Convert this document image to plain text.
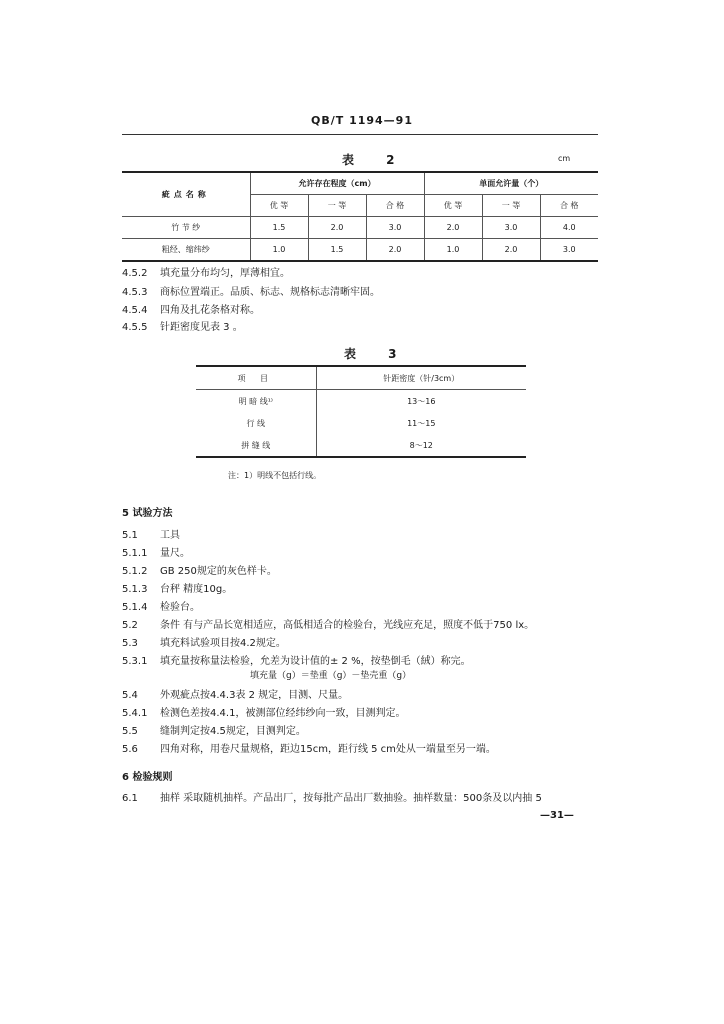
QB/T 1194—91
表 2	cm
疵点名称	允许存在程度（cm）			单面允许量（个）		
	优 等	一 等	合 格	优 等	一 等	合 格
竹 节 纱	1.5	2.0	3.0	2.0	3.0	4.0
粗经、缩纬纱	1.0	1.5	2.0	1.0	2.0	3.0
4.5.2 填充量分布均匀，厚薄相宜。
4.5.3 商标位置端正。品质、标志、规格标志清晰牢固。
4.5.4 四角及扎花条格对称。
4.5.5 针距密度见表 3 。
表 3
项 目	针距密度（针/3cm）
明 暗 线¹⁾	13～16
行 线	11～15
拼 缝 线	8～12
注：1）明线不包括行线。
5 试验方法
5.1 工具
5.1.1 量尺。
5.1.2 GB 250规定的灰色样卡。
5.1.3 台秤 精度10g。
5.1.4 检验台。
5.2 条件 有与产品长宽相适应，高低相适合的检验台，光线应充足，照度不低于750 lx。
5.3 填充料试验项目按4.2规定。
5.3.1 填充量按称量法检验，允差为设计值的± 2 %，按垫倒毛（絨）称完。
填充量（g）＝垫重（g）－垫壳重（g）
5.4 外观疵点按4.4.3表 2 规定，目测、尺量。
5.4.1 检测色差按4.4.1，被测部位经纬纱向一致，目测判定。
5.5 缝制判定按4.5规定，目测判定。
5.6 四角对称，用卷尺量规格，距边15cm，距行线 5 cm处从一端量至另一端。
6 检验规则
6.1 抽样 采取随机抽样。产品出厂，按每批产品出厂数抽验。抽样数量：500条及以内抽 5
—31—
